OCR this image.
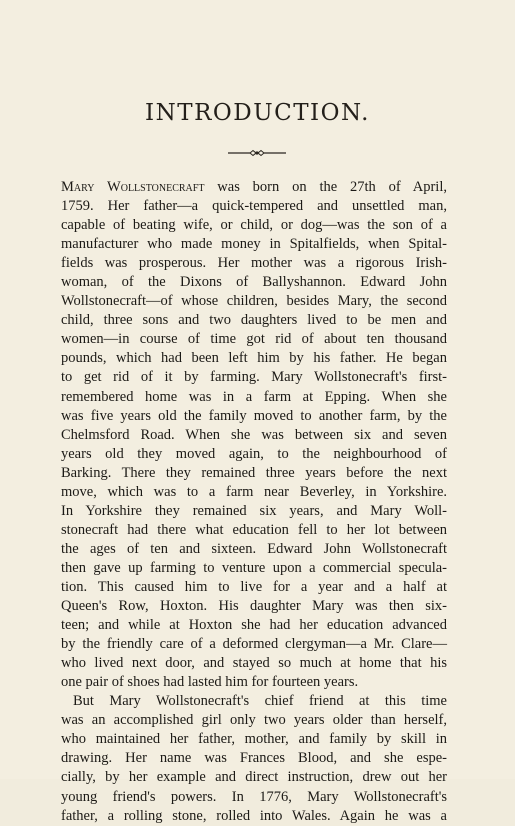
INTRODUCTION.
Mary Wollstonecraft was born on the 27th of April,
1759. Her father—a quick-tempered and unsettled man,
capable of beating wife, or child, or dog—was the son of a
manufacturer who made money in Spitalfields, when Spital-
fields was prosperous. Her mother was a rigorous Irish-
woman, of the Dixons of Ballyshannon. Edward John
Wollstonecraft—of whose children, besides Mary, the second
child, three sons and two daughters lived to be men and
women—in course of time got rid of about ten thousand
pounds, which had been left him by his father. He began
to get rid of it by farming. Mary Wollstonecraft's first-
remembered home was in a farm at Epping. When she
was five years old the family moved to another farm, by the
Chelmsford Road. When she was between six and seven
years old they moved again, to the neighbourhood of
Barking. There they remained three years before the next
move, which was to a farm near Beverley, in Yorkshire.
In Yorkshire they remained six years, and Mary Woll-
stonecraft had there what education fell to her lot between
the ages of ten and sixteen. Edward John Wollstonecraft
then gave up farming to venture upon a commercial specula-
tion. This caused him to live for a year and a half at
Queen's Row, Hoxton. His daughter Mary was then six-
teen; and while at Hoxton she had her education advanced
by the friendly care of a deformed clergyman—a Mr. Clare—
who lived next door, and stayed so much at home that his
one pair of shoes had lasted him for fourteen years.
But Mary Wollstonecraft's chief friend at this time
was an accomplished girl only two years older than herself,
who maintained her father, mother, and family by skill in
drawing. Her name was Frances Blood, and she espe-
cially, by her example and direct instruction, drew out her
young friend's powers. In 1776, Mary Wollstonecraft's
father, a rolling stone, rolled into Wales. Again he was a
